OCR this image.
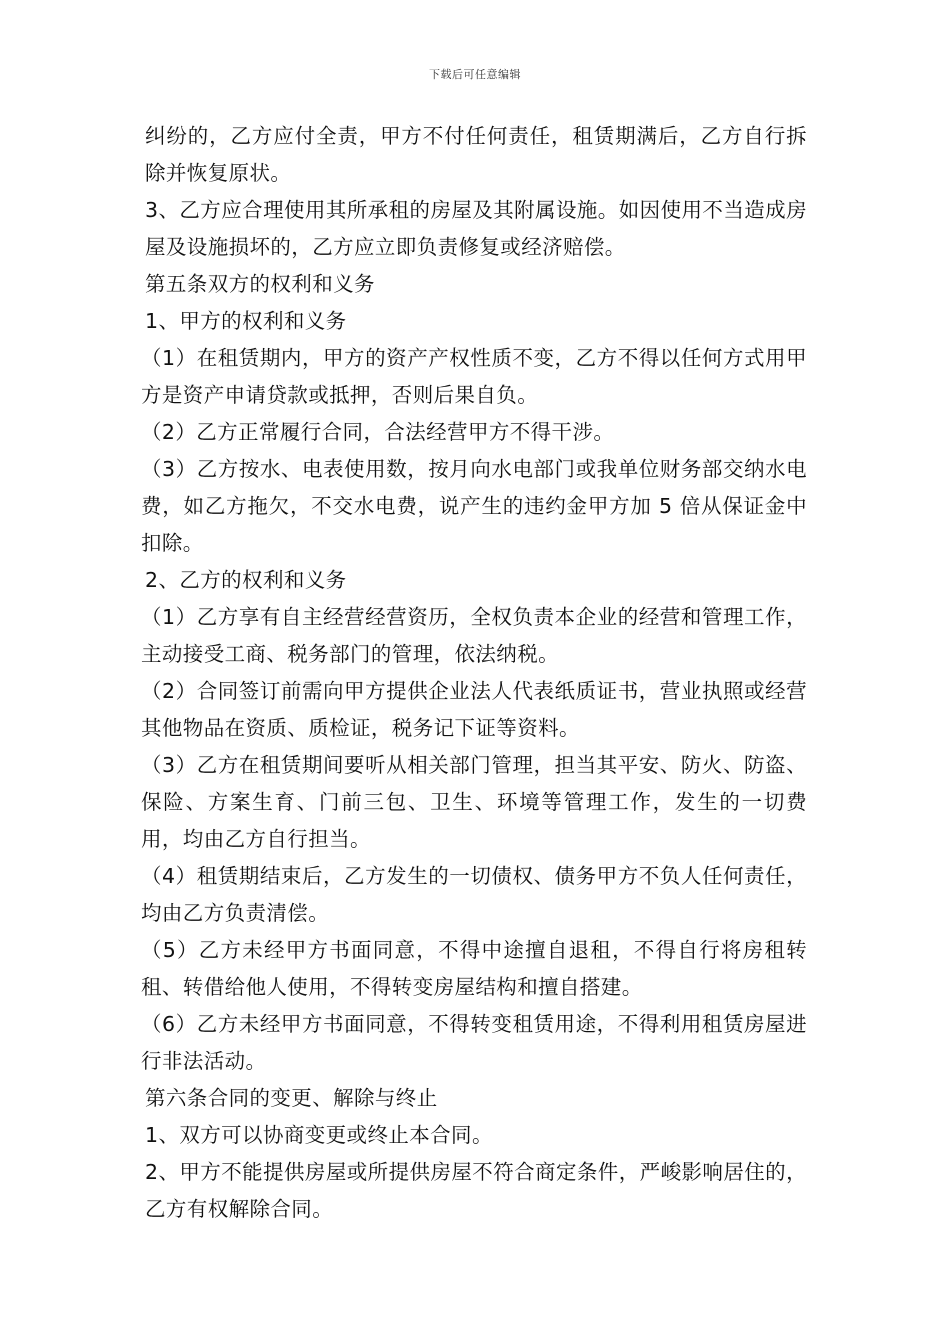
下载后可任意编辑

纠纷的，乙方应付全责，甲方不付任何责任，租赁期满后，乙方自行拆除并恢复原状。

3、乙方应合理使用其所承租的房屋及其附属设施。如因使用不当造成房屋及设施损坏的，乙方应立即负责修复或经济赔偿。

第五条双方的权利和义务

1、甲方的权利和义务

（1）在租赁期内，甲方的资产产权性质不变，乙方不得以任何方式用甲方是资产申请贷款或抵押，否则后果自负。

（2）乙方正常履行合同，合法经营甲方不得干涉。

（3）乙方按水、电表使用数，按月向水电部门或我单位财务部交纳水电费，如乙方拖欠，不交水电费，说产生的违约金甲方加 5 倍从保证金中扣除。

2、乙方的权利和义务

（1）乙方享有自主经营经营资历，全权负责本企业的经营和管理工作，主动接受工商、税务部门的管理，依法纳税。

（2）合同签订前需向甲方提供企业法人代表纸质证书，营业执照或经营其他物品在资质、质检证，税务记下证等资料。

（3）乙方在租赁期间要听从相关部门管理，担当其平安、防火、防盗、保险、方案生育、门前三包、卫生、环境等管理工作，发生的一切费用，均由乙方自行担当。

（4）租赁期结束后，乙方发生的一切债权、债务甲方不负人任何责任，均由乙方负责清偿。

（5）乙方未经甲方书面同意，不得中途擅自退租，不得自行将房租转租、转借给他人使用，不得转变房屋结构和擅自搭建。

（6）乙方未经甲方书面同意，不得转变租赁用途，不得利用租赁房屋进行非法活动。

第六条合同的变更、解除与终止

1、双方可以协商变更或终止本合同。

2、甲方不能提供房屋或所提供房屋不符合商定条件，严峻影响居住的，乙方有权解除合同。
